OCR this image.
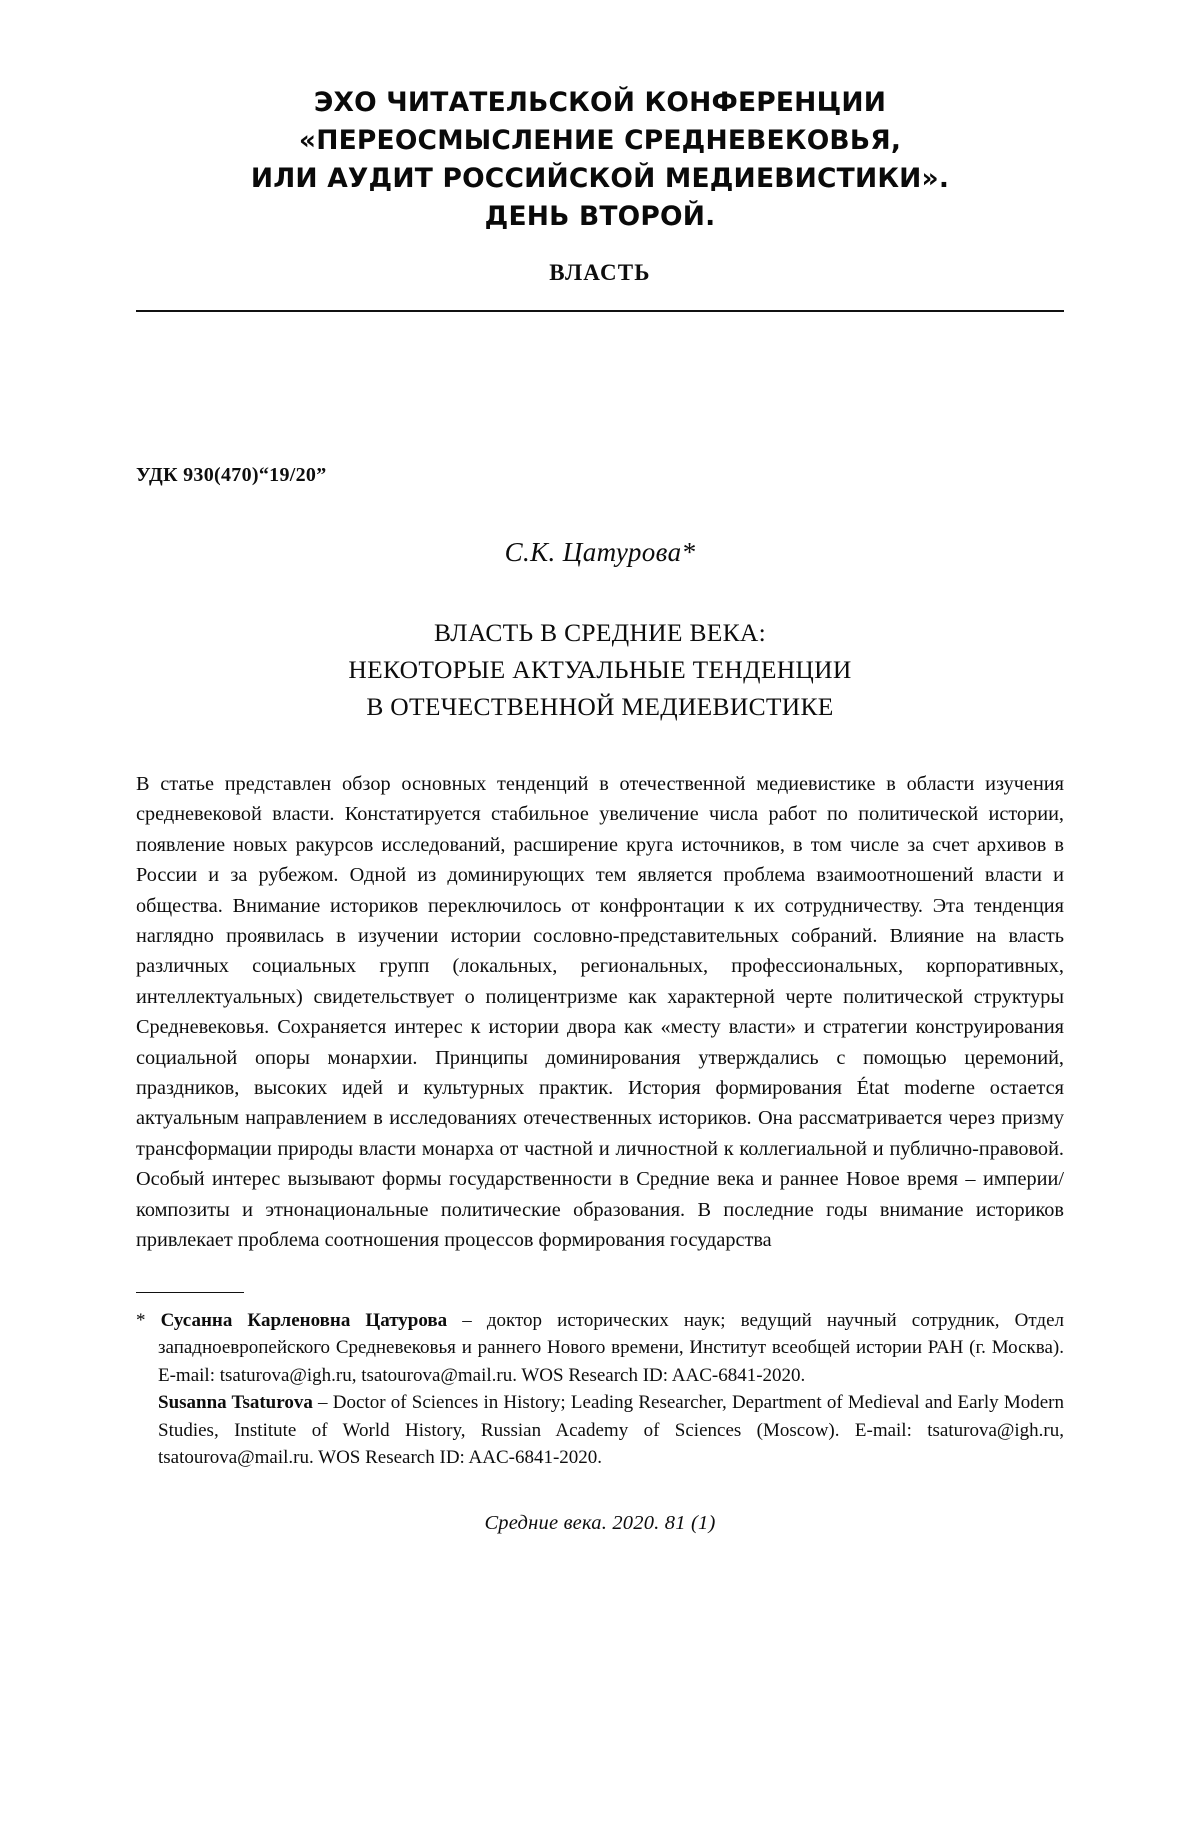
ЭХО ЧИТАТЕЛЬСКОЙ КОНФЕРЕНЦИИ
«ПЕРЕОСМЫСЛЕНИЕ СРЕДНЕВЕКОВЬЯ,
ИЛИ АУДИТ РОССИЙСКОЙ МЕДИЕВИСТИКИ».
ДЕНЬ ВТОРОЙ.
ВЛАСТЬ
УДК 930(470)“19/20”
С.К. Цатурова*
ВЛАСТЬ В СРЕДНИЕ ВЕКА:
НЕКОТОРЫЕ АКТУАЛЬНЫЕ ТЕНДЕНЦИИ
В ОТЕЧЕСТВЕННОЙ МЕДИЕВИСТИКЕ
В статье представлен обзор основных тенденций в отечественной медиевистике в области изучения средневековой власти. Констатируется стабильное увеличение числа работ по политической истории, появление новых ракурсов исследований, расширение круга источников, в том числе за счет архивов в России и за рубежом. Одной из доминирующих тем является проблема взаимоотношений власти и общества. Внимание историков переключилось от конфронтации к их сотрудничеству. Эта тенденция наглядно проявилась в изучении истории сословно-представительных собраний. Влияние на власть различных социальных групп (локальных, региональных, профессиональных, корпоративных, интеллектуальных) свидетельствует о полицентризме как характерной черте политической структуры Средневековья. Сохраняется интерес к истории двора как «месту власти» и стратегии конструирования социальной опоры монархии. Принципы доминирования утверждались с помощью церемоний, праздников, высоких идей и культурных практик. История формирования État moderne остается актуальным направлением в исследованиях отечественных историков. Она рассматривается через призму трансформации природы власти монарха от частной и личностной к коллегиальной и публично-правовой. Особый интерес вызывают формы государственности в Средние века и раннее Новое время – империи/композиты и этнонациональные политические образования. В последние годы внимание историков привлекает проблема соотношения процессов формирования государства

* Сусанна Карленовна Цатурова – доктор исторических наук; ведущий научный сотрудник, Отдел западноевропейского Средневековья и раннего Нового времени, Институт всеобщей истории РАН (г. Москва). E-mail: tsaturova@igh.ru, tsatourova@mail.ru. WOS Research ID: AAC-6841-2020.

Susanna Tsaturova – Doctor of Sciences in History; Leading Researcher, Department of Medieval and Early Modern Studies, Institute of World History, Russian Academy of Sciences (Moscow). E-mail: tsaturova@igh.ru, tsatourova@mail.ru. WOS Research ID: AAC-6841-2020.

Средние века. 2020. 81 (1)
